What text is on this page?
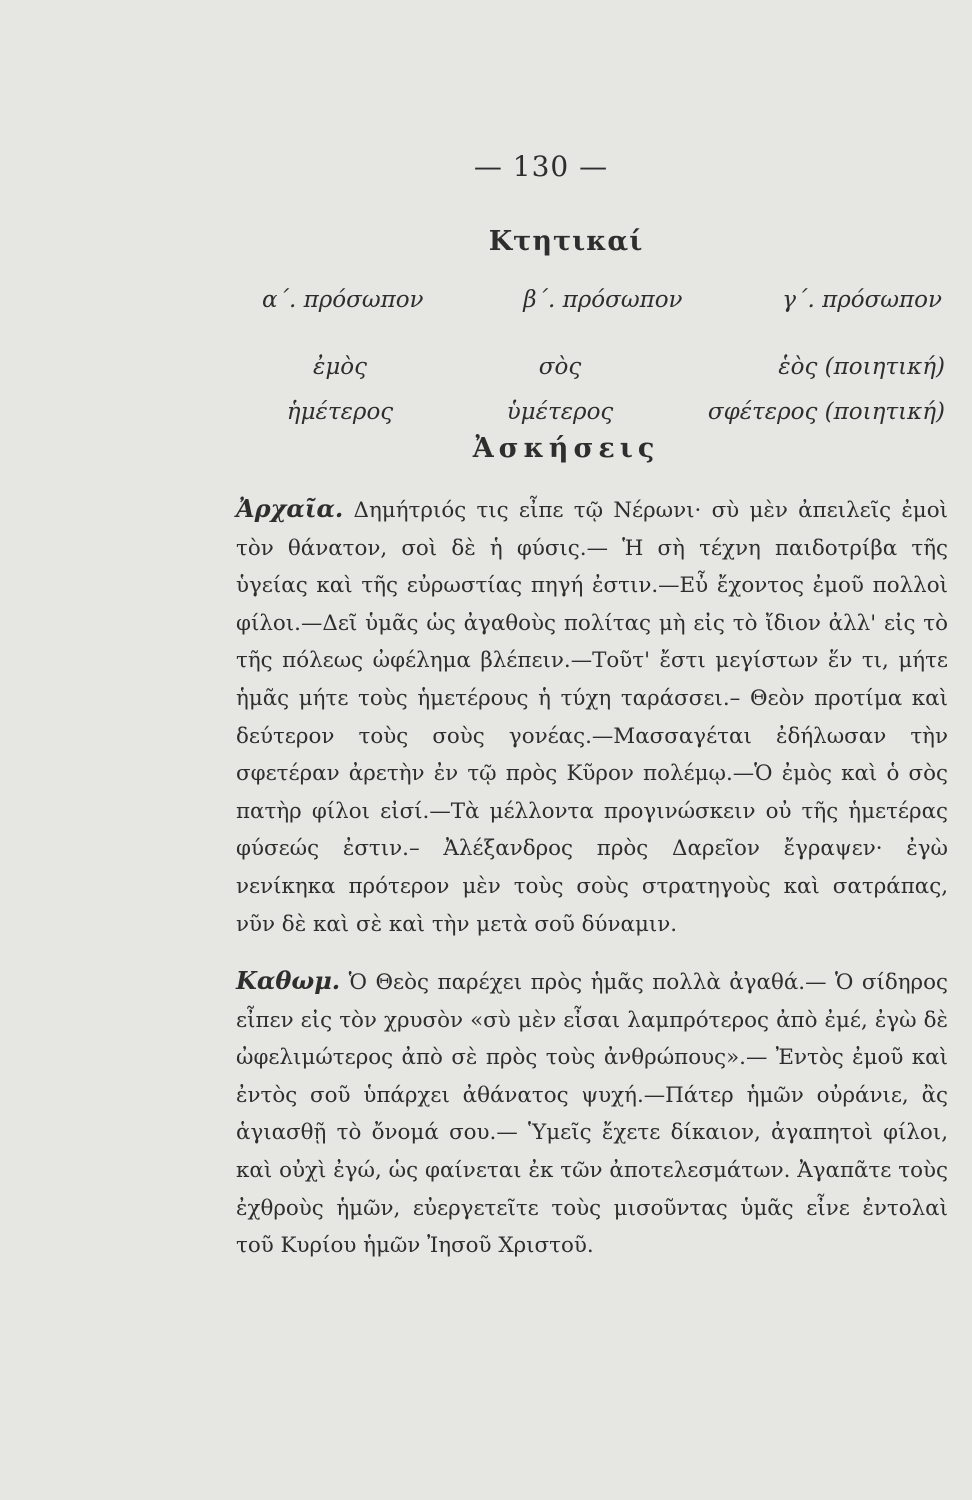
— 130 —
Κτητικαί
α΄. πρόσωπον	β΄. πρόσωπον	γ΄. πρόσωπον
ἐμὸς	σὸς	ἑὸς (ποιητική)
ἡμέτερος	ὑμέτερος	σφέτερος (ποιητική)
Ἀσκήσεις
Ἀρχαῖα. Δημήτριός τις εἶπε τῷ Νέρωνι· σὺ μὲν ἀπειλεῖς ἐμοὶ τὸν θάνατον, σοὶ δὲ ἡ φύσις.— Ἡ σὴ τέχνη παιδοτρίβα τῆς ὑγείας καὶ τῆς εὐρωστίας πηγή ἐστιν.—Εὖ ἔχοντος ἐμοῦ πολλοὶ φίλοι.—Δεῖ ὑμᾶς ὡς ἀγαθοὺς πολίτας μὴ εἰς τὸ ἴδιον ἀλλ' εἰς τὸ τῆς πόλεως ὠφέλημα βλέπειν.—Τοῦτ' ἔστι μεγίστων ἕν τι, μήτε ἡμᾶς μήτε τοὺς ἡμετέρους ἡ τύχη ταράσσει.– Θεὸν προτίμα καὶ δεύτερον τοὺς σοὺς γονέας.—Μασσαγέται ἐδήλωσαν τὴν σφετέραν ἀρετὴν ἐν τῷ πρὸς Κῦρον πολέμῳ.—Ὁ ἐμὸς καὶ ὁ σὸς πατὴρ φίλοι εἰσί.—Τὰ μέλλοντα προγινώσκειν οὐ τῆς ἡμετέρας φύσεώς ἐστιν.– Ἀλέξανδρος πρὸς Δαρεῖον ἔγραψεν· ἐγὼ νενίκηκα πρότερον μὲν τοὺς σοὺς στρατηγοὺς καὶ σατράπας, νῦν δὲ καὶ σὲ καὶ τὴν μετὰ σοῦ δύναμιν.
Καθωμ. Ὁ Θεὸς παρέχει πρὸς ἡμᾶς πολλὰ ἀγαθά.— Ὁ σίδηρος εἶπεν εἰς τὸν χρυσὸν «σὺ μὲν εἶσαι λαμπρότερος ἀπὸ ἐμέ, ἐγὼ δὲ ὠφελιμώτερος ἀπὸ σὲ πρὸς τοὺς ἀνθρώπους».— Ἐντὸς ἐμοῦ καὶ ἐντὸς σοῦ ὑπάρχει ἀθάνατος ψυχή.—Πάτερ ἡμῶν οὐράνιε, ἂς ἁγιασθῇ τὸ ὄνομά σου.— Ὑμεῖς ἔχετε δίκαιον, ἀγαπητοὶ φίλοι, καὶ οὐχὶ ἐγώ, ὡς φαίνεται ἐκ τῶν ἀποτελεσμάτων. Ἀγαπᾶτε τοὺς ἐχθροὺς ἡμῶν, εὐεργετεῖτε τοὺς μισοῦντας ὑμᾶς εἶνε ἐντολαὶ τοῦ Κυρίου ἡμῶν Ἰησοῦ Χριστοῦ.
